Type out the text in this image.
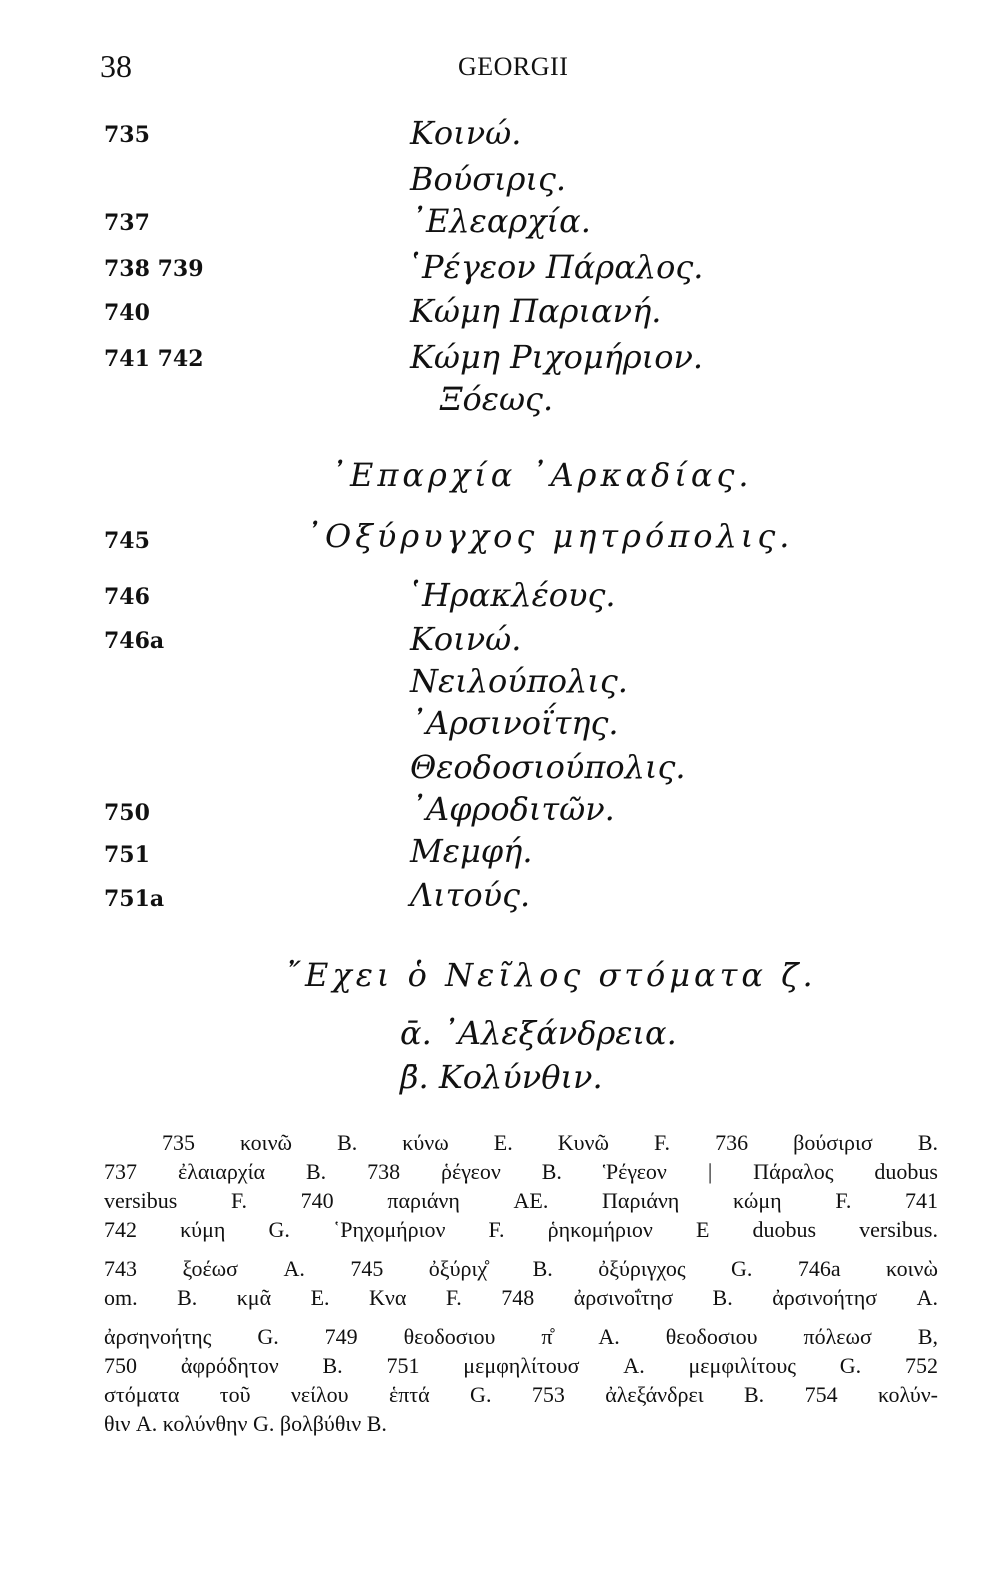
38	GEORGII
735	Κοινώ.
Βούσιρις.
737	᾽Ελεαρχία.
738 739	῾Ρέγεον Πάραλος.
740	Κώμη Παριανή.
741 742	Κώμη Ριχομήριον.
Ξόεως.
᾽Επαρχία ᾽Αρκαδίας.
745	᾽Οξύρυγχος μητρόπολις.
746	῾Ηρακλέους.
746a	Κοινώ.
Νειλούπολις.
᾽Αρσινοΐτης.
Θεοδοσιούπολις.
750	᾽Αφροδιτῶν.
751	Μεμφή.
751a	Λιτούς.
῎Εχει ὁ Νεῖλος στόματα ζ̄.
ᾱ. ᾽Αλεξάνδρεια.
β̄. Κολύνθιν.

735 κοινῶ B. κύνω E. Κυνῶ F. 736 βούσιρισ B.

737 ἐλαιαρχία B. 738 ῥέγεον B. Ῥέγεον | Πάραλος duobus

versibus F. 740 παριάνη AE. Παριάνη κώμη F. 741

742 κύμη G. ῾Ρηχομήριον F. ῥηκομήριον E duobus versibus.

743 ξοέωσ A. 745 ὀξύριχ̊ B. ὀξύριγχος G. 746a κοινὼ

om. B. κμᾶ E. Κνα F. 748 ἀρσινοΐτησ B. ἀρσινοήτησ A.

ἀρσηνοήτης G. 749 θεοδοσιου π̊ A. θεοδοσιου πόλεωσ B,

750 ἀφρόδητον B. 751 μεμφηλίτουσ A. μεμφιλίτους G. 752

στόματα τοῦ νείλου ἑπτά G. 753 ἀλεξάνδρει B. 754 κολύν-

θιν A. κολύνθην G. βολβύθιν B.
